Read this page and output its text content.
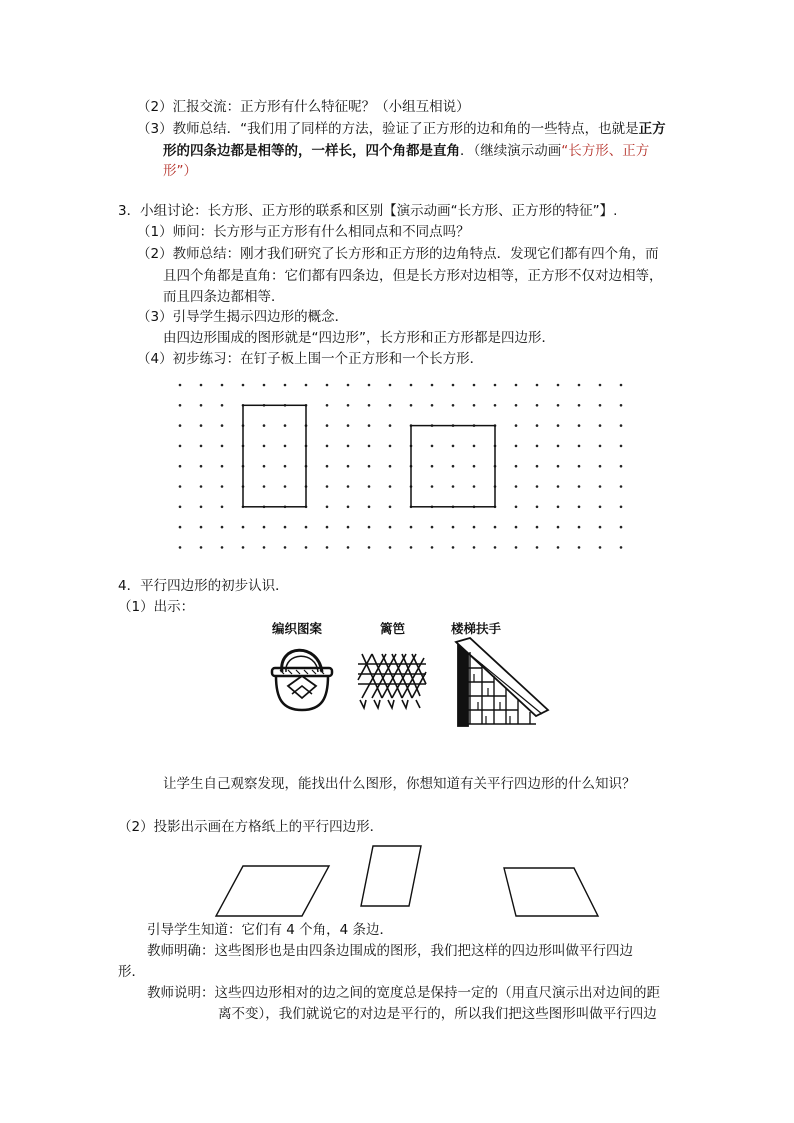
（2）汇报交流：正方形有什么特征呢？（小组互相说）
（3）教师总结．“我们用了同样的方法，验证了正方形的边和角的一些特点，也就是正方
形的四条边都是相等的，一样长，四个角都是直角．（继续演示动画“长方形、正方
形”）
3．小组讨论：长方形、正方形的联系和区别【演示动画“长方形、正方形的特征”】.
（1）师问：长方形与正方形有什么相同点和不同点吗？
（2）教师总结：刚才我们研究了长方形和正方形的边角特点．发现它们都有四个角，而
且四个角都是直角：它们都有四条边，但是长方形对边相等，正方形不仅对边相等，
而且四条边都相等．
（3）引导学生揭示四边形的概念．
由四边形围成的图形就是“四边形”，长方形和正方形都是四边形．
（4）初步练习：在钉子板上围一个正方形和一个长方形．
4．平行四边形的初步认识．
（1）出示：
编织图案	篱笆	楼梯扶手
让学生自己观察发现，能找出什么图形，你想知道有关平行四边形的什么知识？
（2）投影出示画在方格纸上的平行四边形．
引导学生知道：它们有 4 个角，4 条边．
教师明确：这些图形也是由四条边围成的图形，我们把这样的四边形叫做平行四边
形．
教师说明：这些四边形相对的边之间的宽度总是保持一定的（用直尺演示出对边间的距
离不变），我们就说它的对边是平行的，所以我们把这些图形叫做平行四边
